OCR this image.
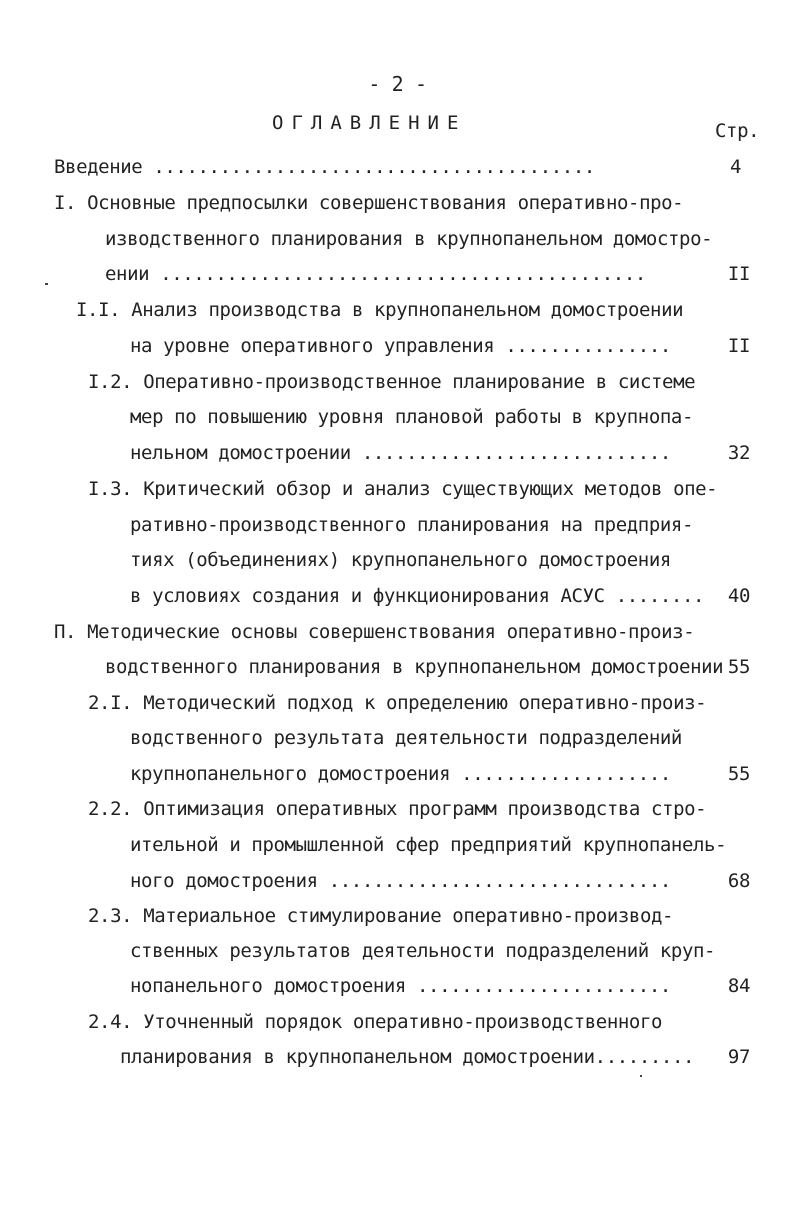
- 2 -
ОГЛАВЛЕНИЕ	Стр.
Введение ........................................	4
I. Основные предпосылки совершенствования оперативно-про-
изводственного планирования в крупнопанельном домостро-
ении ............................................	II
I.I. Анализ производства в крупнопанельном домостроении
на уровне оперативного управления ...............	II
I.2. Оперативно-производственное планирование в системе
мер по повышению уровня плановой работы в крупнопа-
нельном домостроении ............................	32
I.3. Критический обзор и анализ существующих методов опе-
ративно-производственного планирования на предприя-
тиях (объединениях) крупнопанельного домостроения
в условиях создания и функционирования АСУС ........	40
П. Методические основы совершенствования оперативно-произ-
водственного планирования в крупнопанельном домостроении 55
2.I. Методический подход к определению оперативно-произ-
водственного результата деятельности подразделений
крупнопанельного домостроения ...................	55
2.2. Оптимизация оперативных программ производства стро-
ительной и промышленной сфер предприятий крупнопанель-
ного домостроения ...............................	68
2.3. Материальное стимулирование оперативно-производ-
ственных результатов деятельности подразделений круп-
нопанельного домостроения .......................	84
2.4. Уточненный порядок оперативно-производственного
планирования в крупнопанельном домостроении.........	97
